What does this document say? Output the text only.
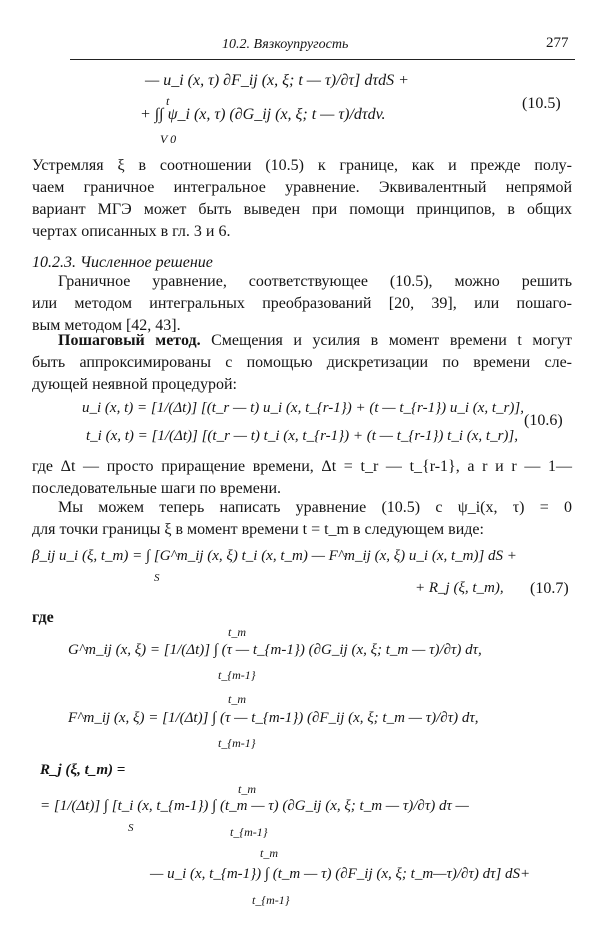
10.2. Вязкоупругость	277
— u_i (x, τ) ∂F_ij (x, ξ; t — τ)/∂τ] dτdS +
+ ∫∫ ψ_i (x, τ) (∂G_ij (x, ξ; t — τ)/dτdv.
t
V 0
(10.5)
Устремляя ξ в соотношении (10.5) к границе, как и прежде полу-
чаем граничное интегральное уравнение. Эквивалентный непрямой
вариант МГЭ может быть выведен при помощи принципов, в общих
чертах описанных в гл. 3 и 6.
10.2.3. Численное решение
Граничное уравнение, соответствующее (10.5), можно решить
или методом интегральных преобразований [20, 39], или пошаго-
вым методом [42, 43].
Пошаговый метод. Смещения и усилия в момент времени t могут
быть аппроксимированы с помощью дискретизации по времени сле-
дующей неявной процедурой:
u_i (x, t) = [1/(Δt)] [(t_r — t) u_i (x, t_{r-1}) + (t — t_{r-1}) u_i (x, t_r)],
t_i (x, t) = [1/(Δt)] [(t_r — t) t_i (x, t_{r-1}) + (t — t_{r-1}) t_i (x, t_r)],
(10.6)
где Δt — просто приращение времени, Δt = t_r — t_{r-1}, а r и r — 1—
последовательные шаги по времени.
Мы можем теперь написать уравнение (10.5) с ψ_i(x, τ) = 0
для точки границы ξ в момент времени t = t_m в следующем виде:
β_ij u_i (ξ, t_m) = ∫ [G^m_ij (x, ξ) t_i (x, t_m) — F^m_ij (x, ξ) u_i (x, t_m)] dS +
S
+ R_j (ξ, t_m), (10.7)
где
t_m
G^m_ij (x, ξ) = [1/(Δt)] ∫ (τ — t_{m-1}) (∂G_ij (x, ξ; t_m — τ)/∂τ) dτ,
t_{m-1}
t_m
F^m_ij (x, ξ) = [1/(Δt)] ∫ (τ — t_{m-1}) (∂F_ij (x, ξ; t_m — τ)/∂τ) dτ,
t_{m-1}
R_j (ξ, t_m) =
t_m
= [1/(Δt)] ∫ [t_i (x, t_{m-1}) ∫ (t_m — τ) (∂G_ij (x, ξ; t_m — τ)/∂τ) dτ —
S	t_{m-1}
t_m
— u_i (x, t_{m-1}) ∫ (t_m — τ) (∂F_ij (x, ξ; t_m—τ)/∂τ) dτ] dS+
t_{m-1}
